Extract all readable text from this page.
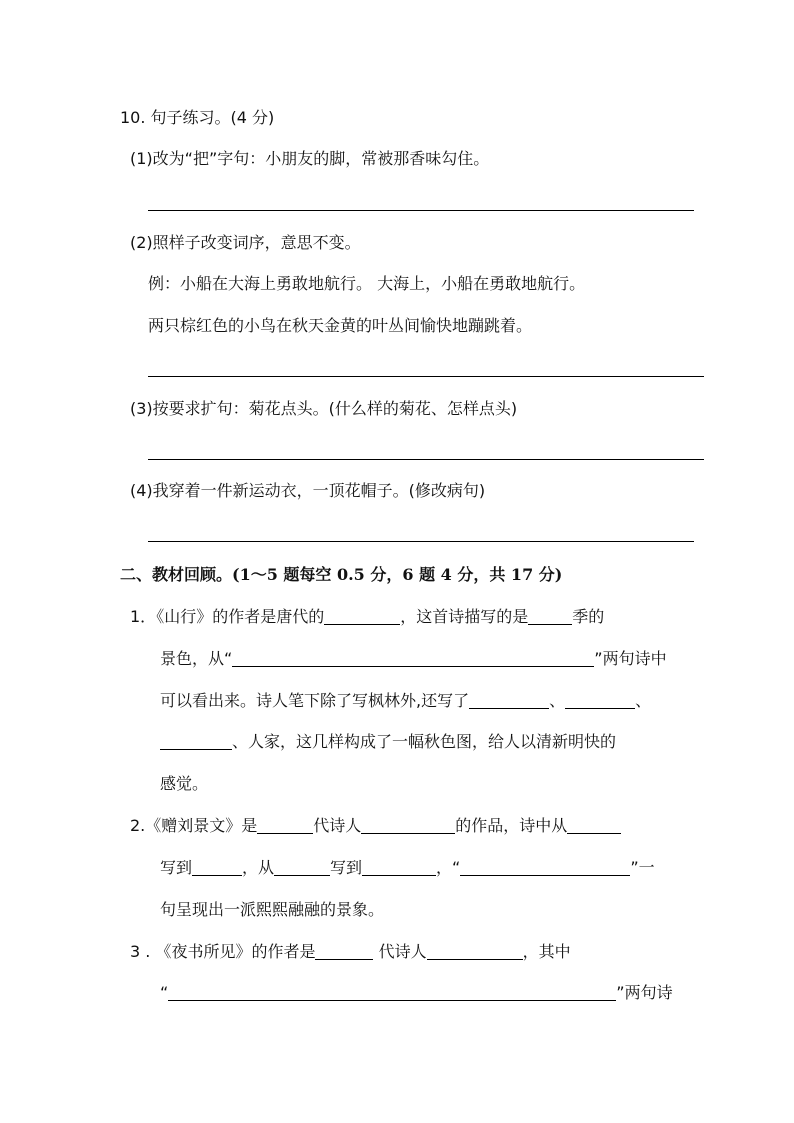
10. 句子练习。(4 分)
(1)改为“把”字句：小朋友的脚，常被那香味勾住。
(2)照样子改变词序，意思不变。
例：小船在大海上勇敢地航行。 大海上，小船在勇敢地航行。
两只棕红色的小鸟在秋天金黄的叶丛间愉快地蹦跳着。
(3)按要求扩句：菊花点头。(什么样的菊花、怎样点头)
(4)我穿着一件新运动衣，一顶花帽子。(修改病句)
二、教材回顾。(1～5 题每空 0.5 分，6 题 4 分，共 17 分)
1．《山行》的作者是唐代的	，这首诗描写的是	季的
景色，从“	”两句诗中
可以看出来。诗人笔下除了写枫林外,还写了	、	、
、人家，这几样构成了一幅秋色图，给人以清新明快的
感觉。
2.《赠刘景文》是	代诗人	的作品，诗中从
写到	，从	写到	，“	”一
句呈现出一派熙熙融融的景象。
3 . 《夜书所见》的作者是	代诗人	，其中
“	”两句诗
